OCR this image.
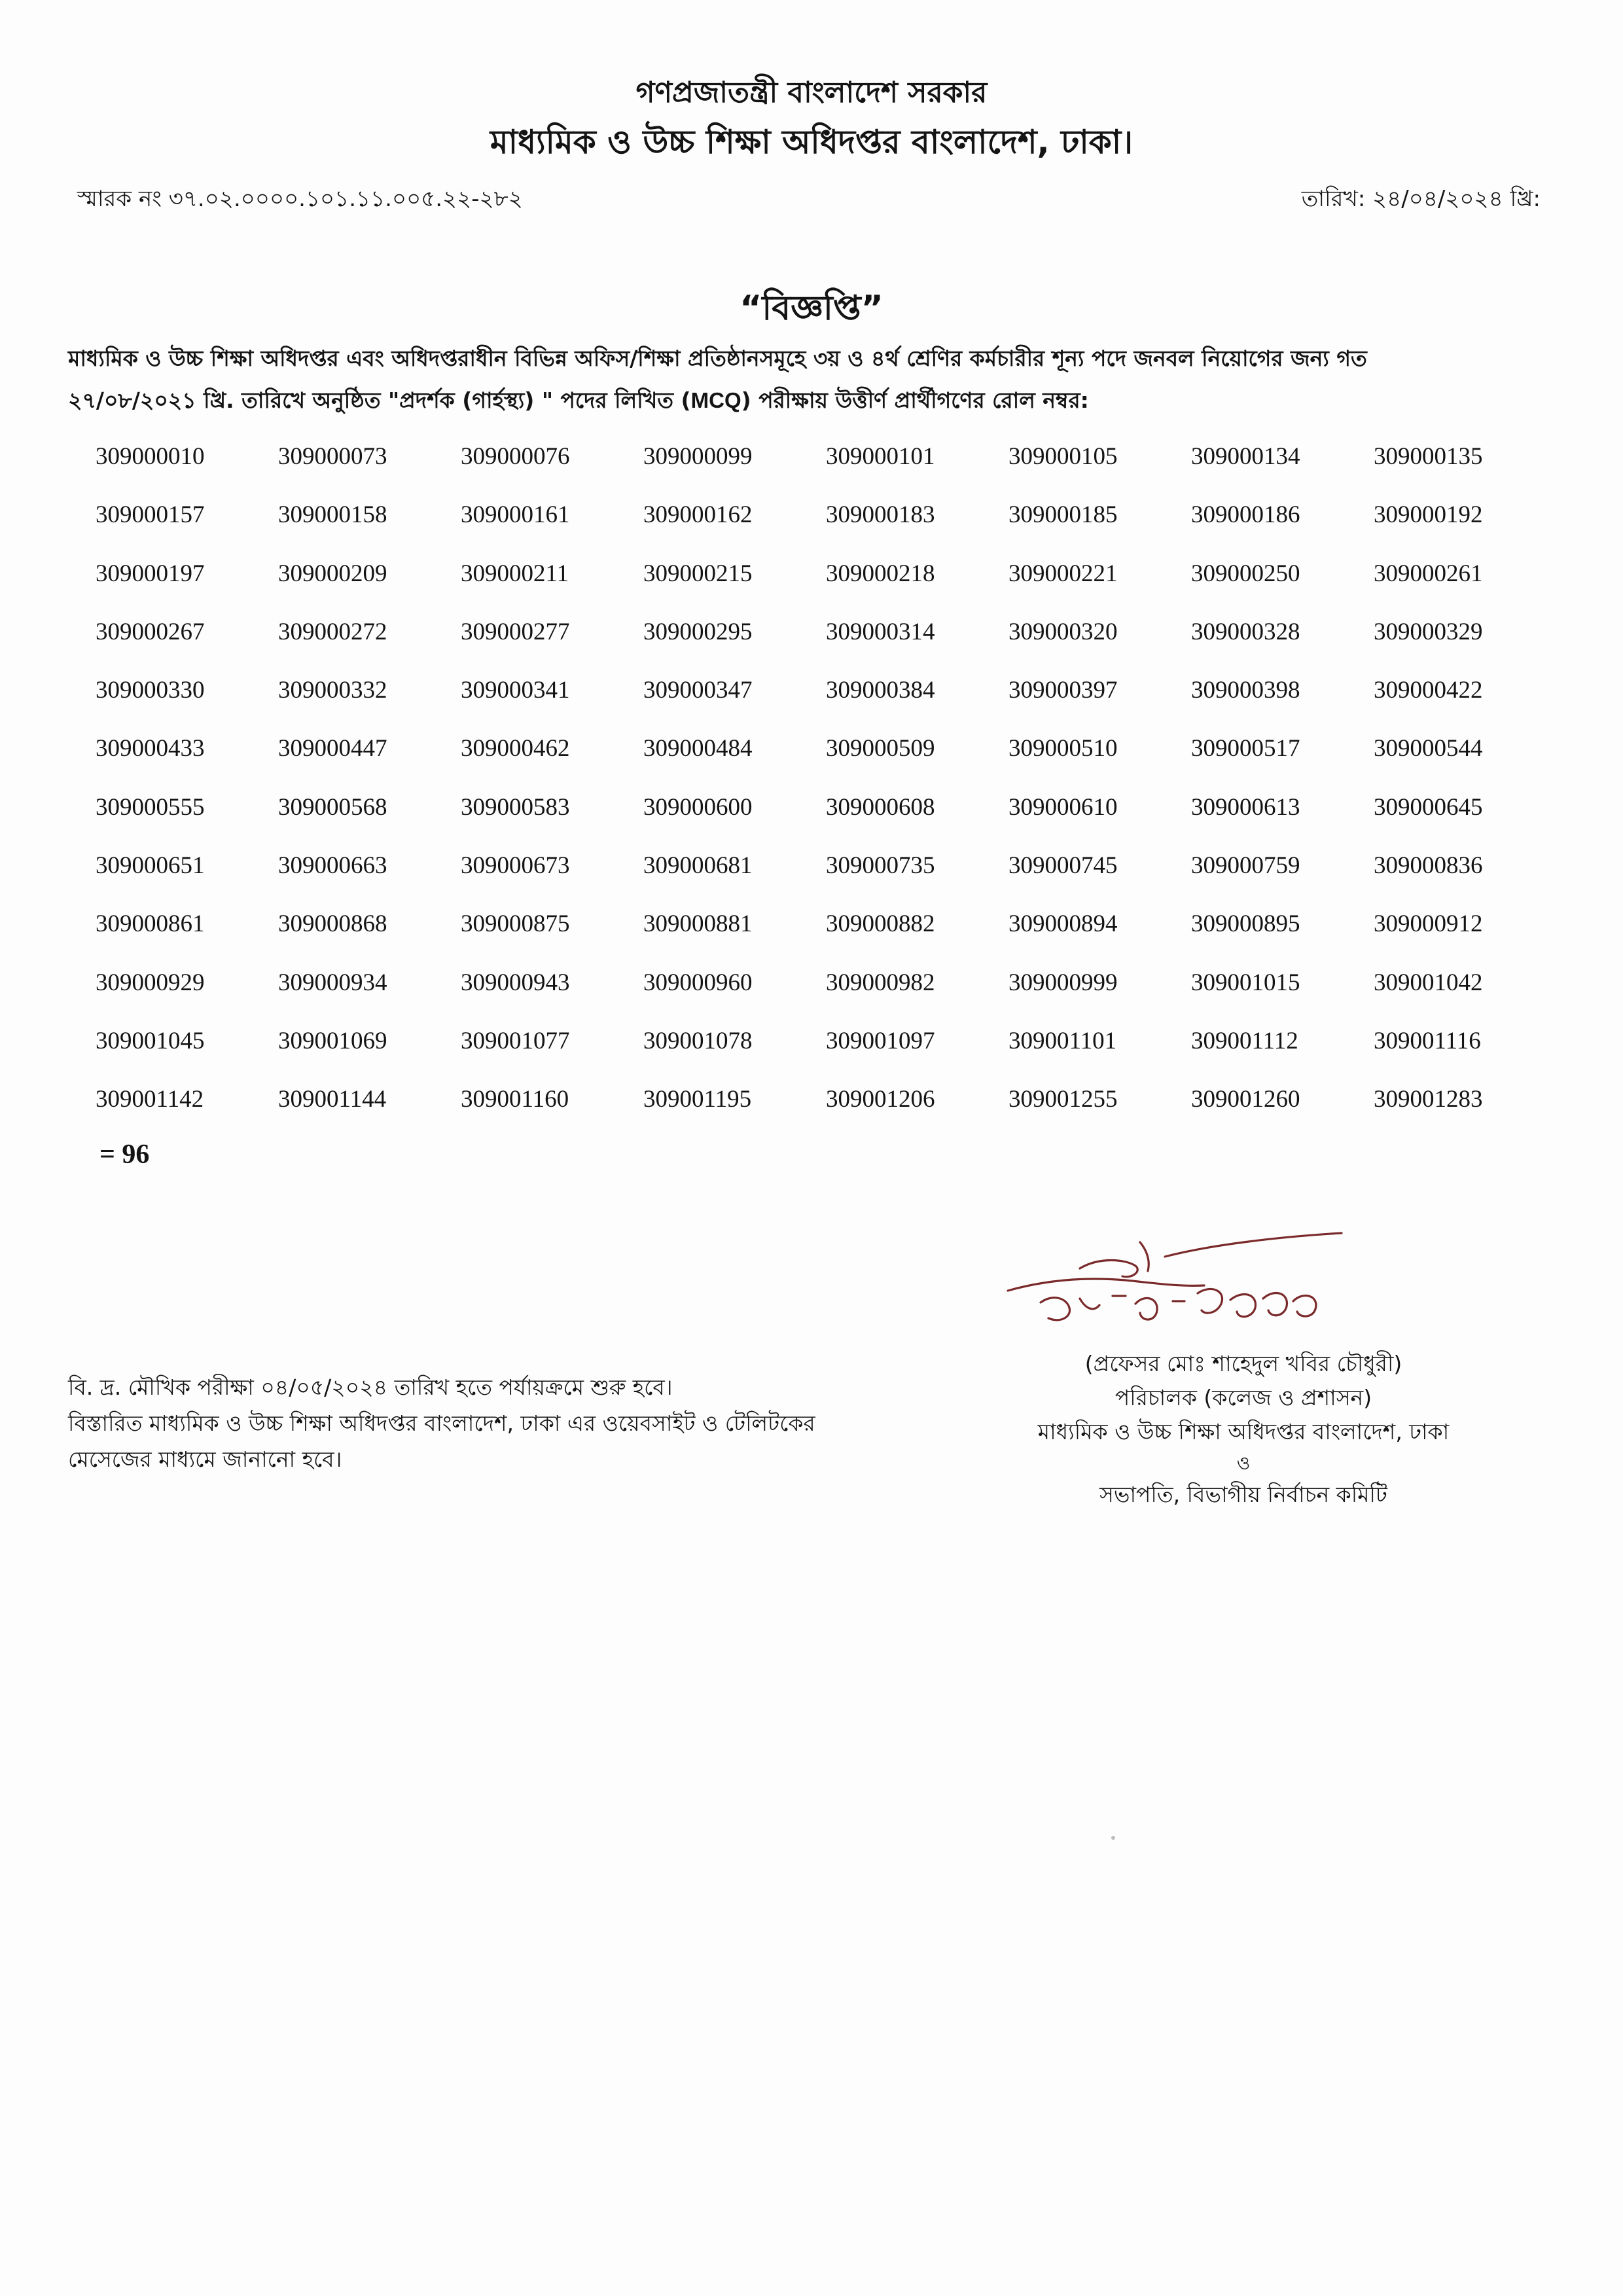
গণপ্রজাতন্ত্রী বাংলাদেশ সরকার
মাধ্যমিক ও উচ্চ শিক্ষা অধিদপ্তর বাংলাদেশ, ঢাকা।
স্মারক নং ৩৭.০২.০০০০.১০১.১১.০০৫.২২-২৮২	তারিখ: ২৪/০৪/২০২৪ খ্রি:
“বিজ্ঞপ্তি”
মাধ্যমিক ও উচ্চ শিক্ষা অধিদপ্তর এবং অধিদপ্তরাধীন বিভিন্ন অফিস/শিক্ষা প্রতিষ্ঠানসমূহে ৩য় ও ৪র্থ শ্রেণির কর্মচারীর শূন্য পদে জনবল নিয়োগের জন্য গত
২৭/০৮/২০২১ খ্রি. তারিখে অনুষ্ঠিত "প্রদর্শক (গার্হস্থ্য) " পদের লিখিত (MCQ) পরীক্ষায় উত্তীর্ণ প্রার্থীগণের রোল নম্বর:
309000010	309000073	309000076	309000099	309000101	309000105	309000134	309000135
309000157	309000158	309000161	309000162	309000183	309000185	309000186	309000192
309000197	309000209	309000211	309000215	309000218	309000221	309000250	309000261
309000267	309000272	309000277	309000295	309000314	309000320	309000328	309000329
309000330	309000332	309000341	309000347	309000384	309000397	309000398	309000422
309000433	309000447	309000462	309000484	309000509	309000510	309000517	309000544
309000555	309000568	309000583	309000600	309000608	309000610	309000613	309000645
309000651	309000663	309000673	309000681	309000735	309000745	309000759	309000836
309000861	309000868	309000875	309000881	309000882	309000894	309000895	309000912
309000929	309000934	309000943	309000960	309000982	309000999	309001015	309001042
309001045	309001069	309001077	309001078	309001097	309001101	309001112	309001116
309001142	309001144	309001160	309001195	309001206	309001255	309001260	309001283
= 96
(প্রফেসর মোঃ শাহেদুল খবির চৌধুরী)
পরিচালক (কলেজ ও প্রশাসন)
মাধ্যমিক ও উচ্চ শিক্ষা অধিদপ্তর বাংলাদেশ, ঢাকা
ও
সভাপতি, বিভাগীয় নির্বাচন কমিটি
বি. দ্র. মৌখিক পরীক্ষা ০৪/০৫/২০২৪ তারিখ হতে পর্যায়ক্রমে শুরু হবে।
বিস্তারিত মাধ্যমিক ও উচ্চ শিক্ষা অধিদপ্তর বাংলাদেশ, ঢাকা এর ওয়েবসাইট ও টেলিটকের
মেসেজের মাধ্যমে জানানো হবে।
